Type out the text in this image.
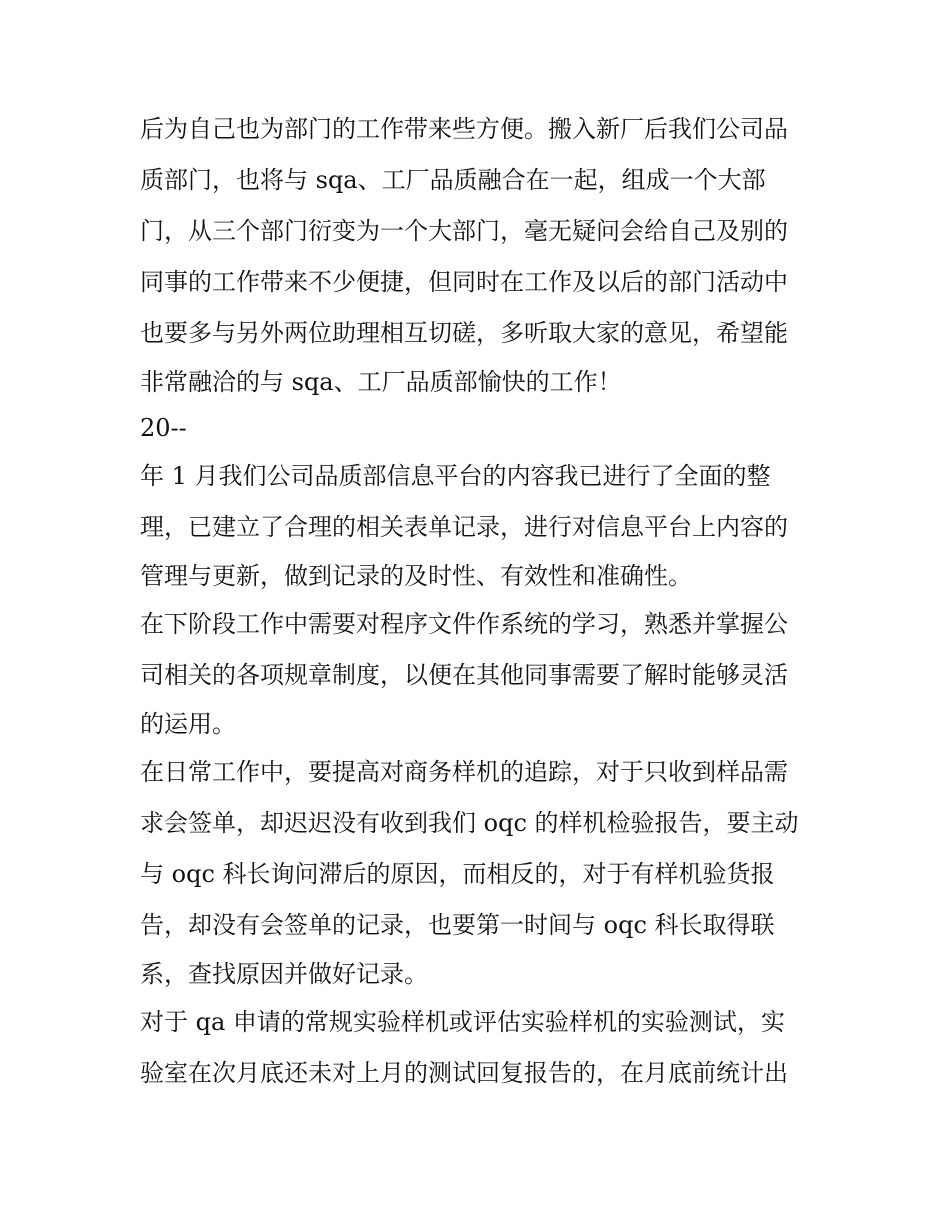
后为自己也为部门的工作带来些方便。搬入新厂后我们公司品
质部门，也将与 sqa、工厂品质融合在一起，组成一个大部
门，从三个部门衍变为一个大部门，毫无疑问会给自己及别的
同事的工作带来不少便捷，但同时在工作及以后的部门活动中
也要多与另外两位助理相互切磋，多听取大家的意见，希望能
非常融洽的与 sqa、工厂品质部愉快的工作！
20--
年 1 月我们公司品质部信息平台的内容我已进行了全面的整
理，已建立了合理的相关表单记录，进行对信息平台上内容的
管理与更新，做到记录的及时性、有效性和准确性。
在下阶段工作中需要对程序文件作系统的学习，熟悉并掌握公
司相关的各项规章制度，以便在其他同事需要了解时能够灵活
的运用。
在日常工作中，要提高对商务样机的追踪，对于只收到样品需
求会签单，却迟迟没有收到我们 oqc 的样机检验报告，要主动
与 oqc 科长询问滞后的原因，而相反的，对于有样机验货报
告，却没有会签单的记录，也要第一时间与 oqc 科长取得联
系，查找原因并做好记录。
对于 qa 申请的常规实验样机或评估实验样机的实验测试，实
验室在次月底还未对上月的测试回复报告的，在月底前统计出
